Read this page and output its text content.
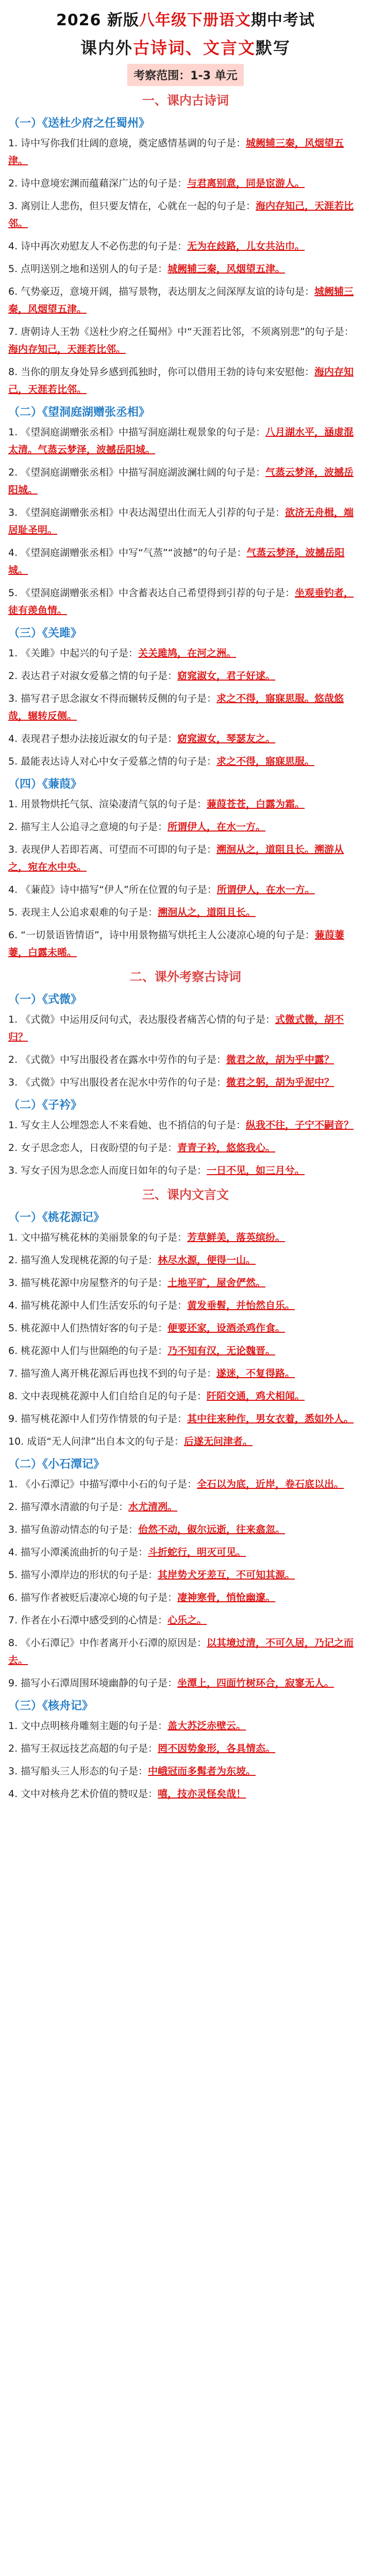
2026 新版八年级下册语文期中考试
课内外古诗词、文言文默写
考察范围：1-3 单元
一、课内古诗词
（一）《送杜少府之任蜀州》
1. 诗中写你我们壮阔的意境，奠定感情基调的句子是：城阙辅三秦，风烟望五津。
2. 诗中意境宏渊而蕴藉深广达的句子是：与君离别意，同是宦游人。
3. 离别让人悲伤，但只要友情在，心就在一起的句子是：海内存知己，天涯若比邻。
4. 诗中再次劝慰友人不必伤悲的句子是：无为在歧路，儿女共沾巾。
5. 点明送别之地和送别人的句子是：城阙辅三秦，风烟望五津。
6. 气势豪迈，意境开阔，描写景物，表达朋友之间深厚友谊的诗句是：城阙辅三秦，风烟望五津。
7. 唐朝诗人王勃《送杜少府之任蜀州》中“天涯若比邻，不须离别悲”的句子是：海内存知己，天涯若比邻。
8. 当你的朋友身处异乡感到孤独时，你可以借用王勃的诗句来安慰他：海内存知己，天涯若比邻。
（二）《望洞庭湖赠张丞相》
1. 《望洞庭湖赠张丞相》中描写洞庭湖壮观景象的句子是：八月湖水平，涵虚混太清。气蒸云梦泽，波撼岳阳城。
2. 《望洞庭湖赠张丞相》中描写洞庭湖波澜壮阔的句子是：气蒸云梦泽，波撼岳阳城。
3. 《望洞庭湖赠张丞相》中表达渴望出仕而无人引荐的句子是：欲济无舟楫，端居耻圣明。
4. 《望洞庭湖赠张丞相》中写“气蒸”“波撼”的句子是：气蒸云梦泽，波撼岳阳城。
5. 《望洞庭湖赠张丞相》中含蓄表达自己希望得到引荐的句子是：坐观垂钓者，徒有羡鱼情。
（三）《关雎》
1. 《关雎》中起兴的句子是：关关雎鸠，在河之洲。
2. 表达君子对淑女爱慕之情的句子是：窈窕淑女，君子好逑。
3. 描写君子思念淑女不得而辗转反侧的句子是：求之不得，寤寐思服。悠哉悠哉，辗转反侧。
4. 表现君子想办法接近淑女的句子是：窈窕淑女，琴瑟友之。
5. 最能表达诗人对心中女子爱慕之情的句子是：求之不得，寤寐思服。
（四）《蒹葭》
1. 用景物烘托气氛、渲染凄清气氛的句子是：蒹葭苍苍，白露为霜。
2. 描写主人公追寻之意境的句子是：所谓伊人，在水一方。
3. 表现伊人若即若离、可望而不可即的句子是：溯洄从之，道阻且长。溯游从之，宛在水中央。
4. 《蒹葭》诗中描写“伊人”所在位置的句子是：所谓伊人，在水一方。
5. 表现主人公追求艰难的句子是：溯洄从之，道阻且长。
6. “一切景语皆情语”，诗中用景物描写烘托主人公凄凉心境的句子是：蒹葭萋萋，白露未晞。
二、课外考察古诗词
（一）《式微》
1. 《式微》中运用反问句式，表达服役者痛苦心情的句子是：式微式微，胡不归？
2. 《式微》中写出服役者在露水中劳作的句子是：微君之故，胡为乎中露？
3. 《式微》中写出服役者在泥水中劳作的句子是：微君之躬，胡为乎泥中？
（二）《子衿》
1. 写女主人公埋怨恋人不来看她、也不捎信的句子是：纵我不往，子宁不嗣音？
2. 女子思念恋人，日夜盼望的句子是：青青子衿，悠悠我心。
3. 写女子因为思念恋人而度日如年的句子是：一日不见，如三月兮。
三、课内文言文
（一）《桃花源记》
1. 文中描写桃花林的美丽景象的句子是：芳草鲜美，落英缤纷。
2. 描写渔人发现桃花源的句子是：林尽水源，便得一山。
3. 描写桃花源中房屋整齐的句子是：土地平旷，屋舍俨然。
4. 描写桃花源中人们生活安乐的句子是：黄发垂髫，并怡然自乐。
5. 桃花源中人们热情好客的句子是：便要还家，设酒杀鸡作食。
6. 桃花源中人们与世隔绝的句子是：乃不知有汉，无论魏晋。
7. 描写渔人离开桃花源后再也找不到的句子是：遂迷，不复得路。
8. 文中表现桃花源中人们自给自足的句子是：阡陌交通，鸡犬相闻。
9. 描写桃花源中人们劳作情景的句子是：其中往来种作，男女衣着，悉如外人。
10. 成语“无人问津”出自本文的句子是：后遂无问津者。
（二）《小石潭记》
1. 《小石潭记》中描写潭中小石的句子是：全石以为底，近岸，卷石底以出。
2. 描写潭水清澈的句子是：水尤清冽。
3. 描写鱼游动情态的句子是：佁然不动，俶尔远逝，往来翕忽。
4. 描写小潭溪流曲折的句子是：斗折蛇行，明灭可见。
5. 描写小潭岸边的形状的句子是：其岸势犬牙差互，不可知其源。
6. 描写作者被贬后凄凉心境的句子是：凄神寒骨，悄怆幽邃。
7. 作者在小石潭中感受到的心情是：心乐之。
8. 《小石潭记》中作者离开小石潭的原因是：以其境过清，不可久居，乃记之而去。
9. 描写小石潭周围环境幽静的句子是：坐潭上，四面竹树环合，寂寥无人。
（三）《核舟记》
1. 文中点明核舟雕刻主题的句子是：盖大苏泛赤壁云。
2. 描写王叔远技艺高超的句子是：罔不因势象形，各具情态。
3. 描写船头三人形态的句子是：中峨冠而多髯者为东坡。
4. 文中对核舟艺术价值的赞叹是：嘻，技亦灵怪矣哉！
